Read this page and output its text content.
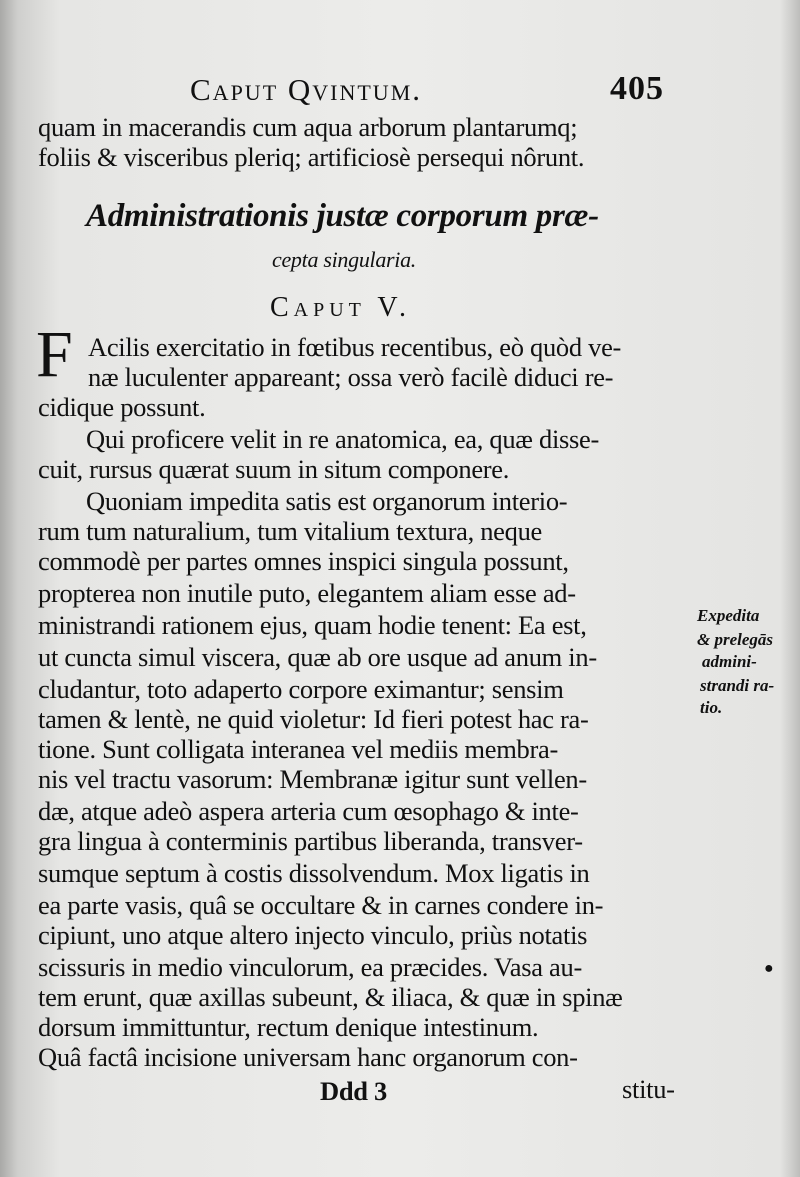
Caput Qvintum.	405
quam in macerandis cum aqua arborum plantarumq;
foliis & visceribus pleriq; artificiosè persequi nôrunt.
Administrationis justæ corporum præ-
cepta singularia.
Caput V.
F Acilis exercitatio in fœtibus recentibus, eò quòd ve-
næ luculenter appareant; ossa verò facilè diduci re-
cidique possunt.
Qui proficere velit in re anatomica, ea, quæ disse-
cuit, rursus quærat suum in situm componere.
Quoniam impedita satis est organorum interio-
rum tum naturalium, tum vitalium textura, neque
commodè per partes omnes inspici singula possunt,
propterea non inutile puto, elegantem aliam esse ad-
ministrandi rationem ejus, quam hodie tenent: Ea est,
ut cuncta simul viscera, quæ ab ore usque ad anum in-
cludantur, toto adaperto corpore eximantur; sensim
tamen & lentè, ne quid violetur: Id fieri potest hac ra-
tione. Sunt colligata interanea vel mediis membra-
nis vel tractu vasorum: Membranæ igitur sunt vellen-
dæ, atque adeò aspera arteria cum œsophago & inte-
gra lingua à conterminis partibus liberanda, transver-
sumque septum à costis dissolvendum. Mox ligatis in
ea parte vasis, quâ se occultare & in carnes condere in-
cipiunt, uno atque altero injecto vinculo, priùs notatis
scissuris in medio vinculorum, ea præcides. Vasa au-
tem erunt, quæ axillas subeunt, & iliaca, & quæ in spinæ
dorsum immittuntur, rectum denique intestinum.
Quâ factâ incisione universam hanc organorum con-
Expedita
& prelegās
admini-
strandi ra-
tio.
Ddd 3	stitu-
●
